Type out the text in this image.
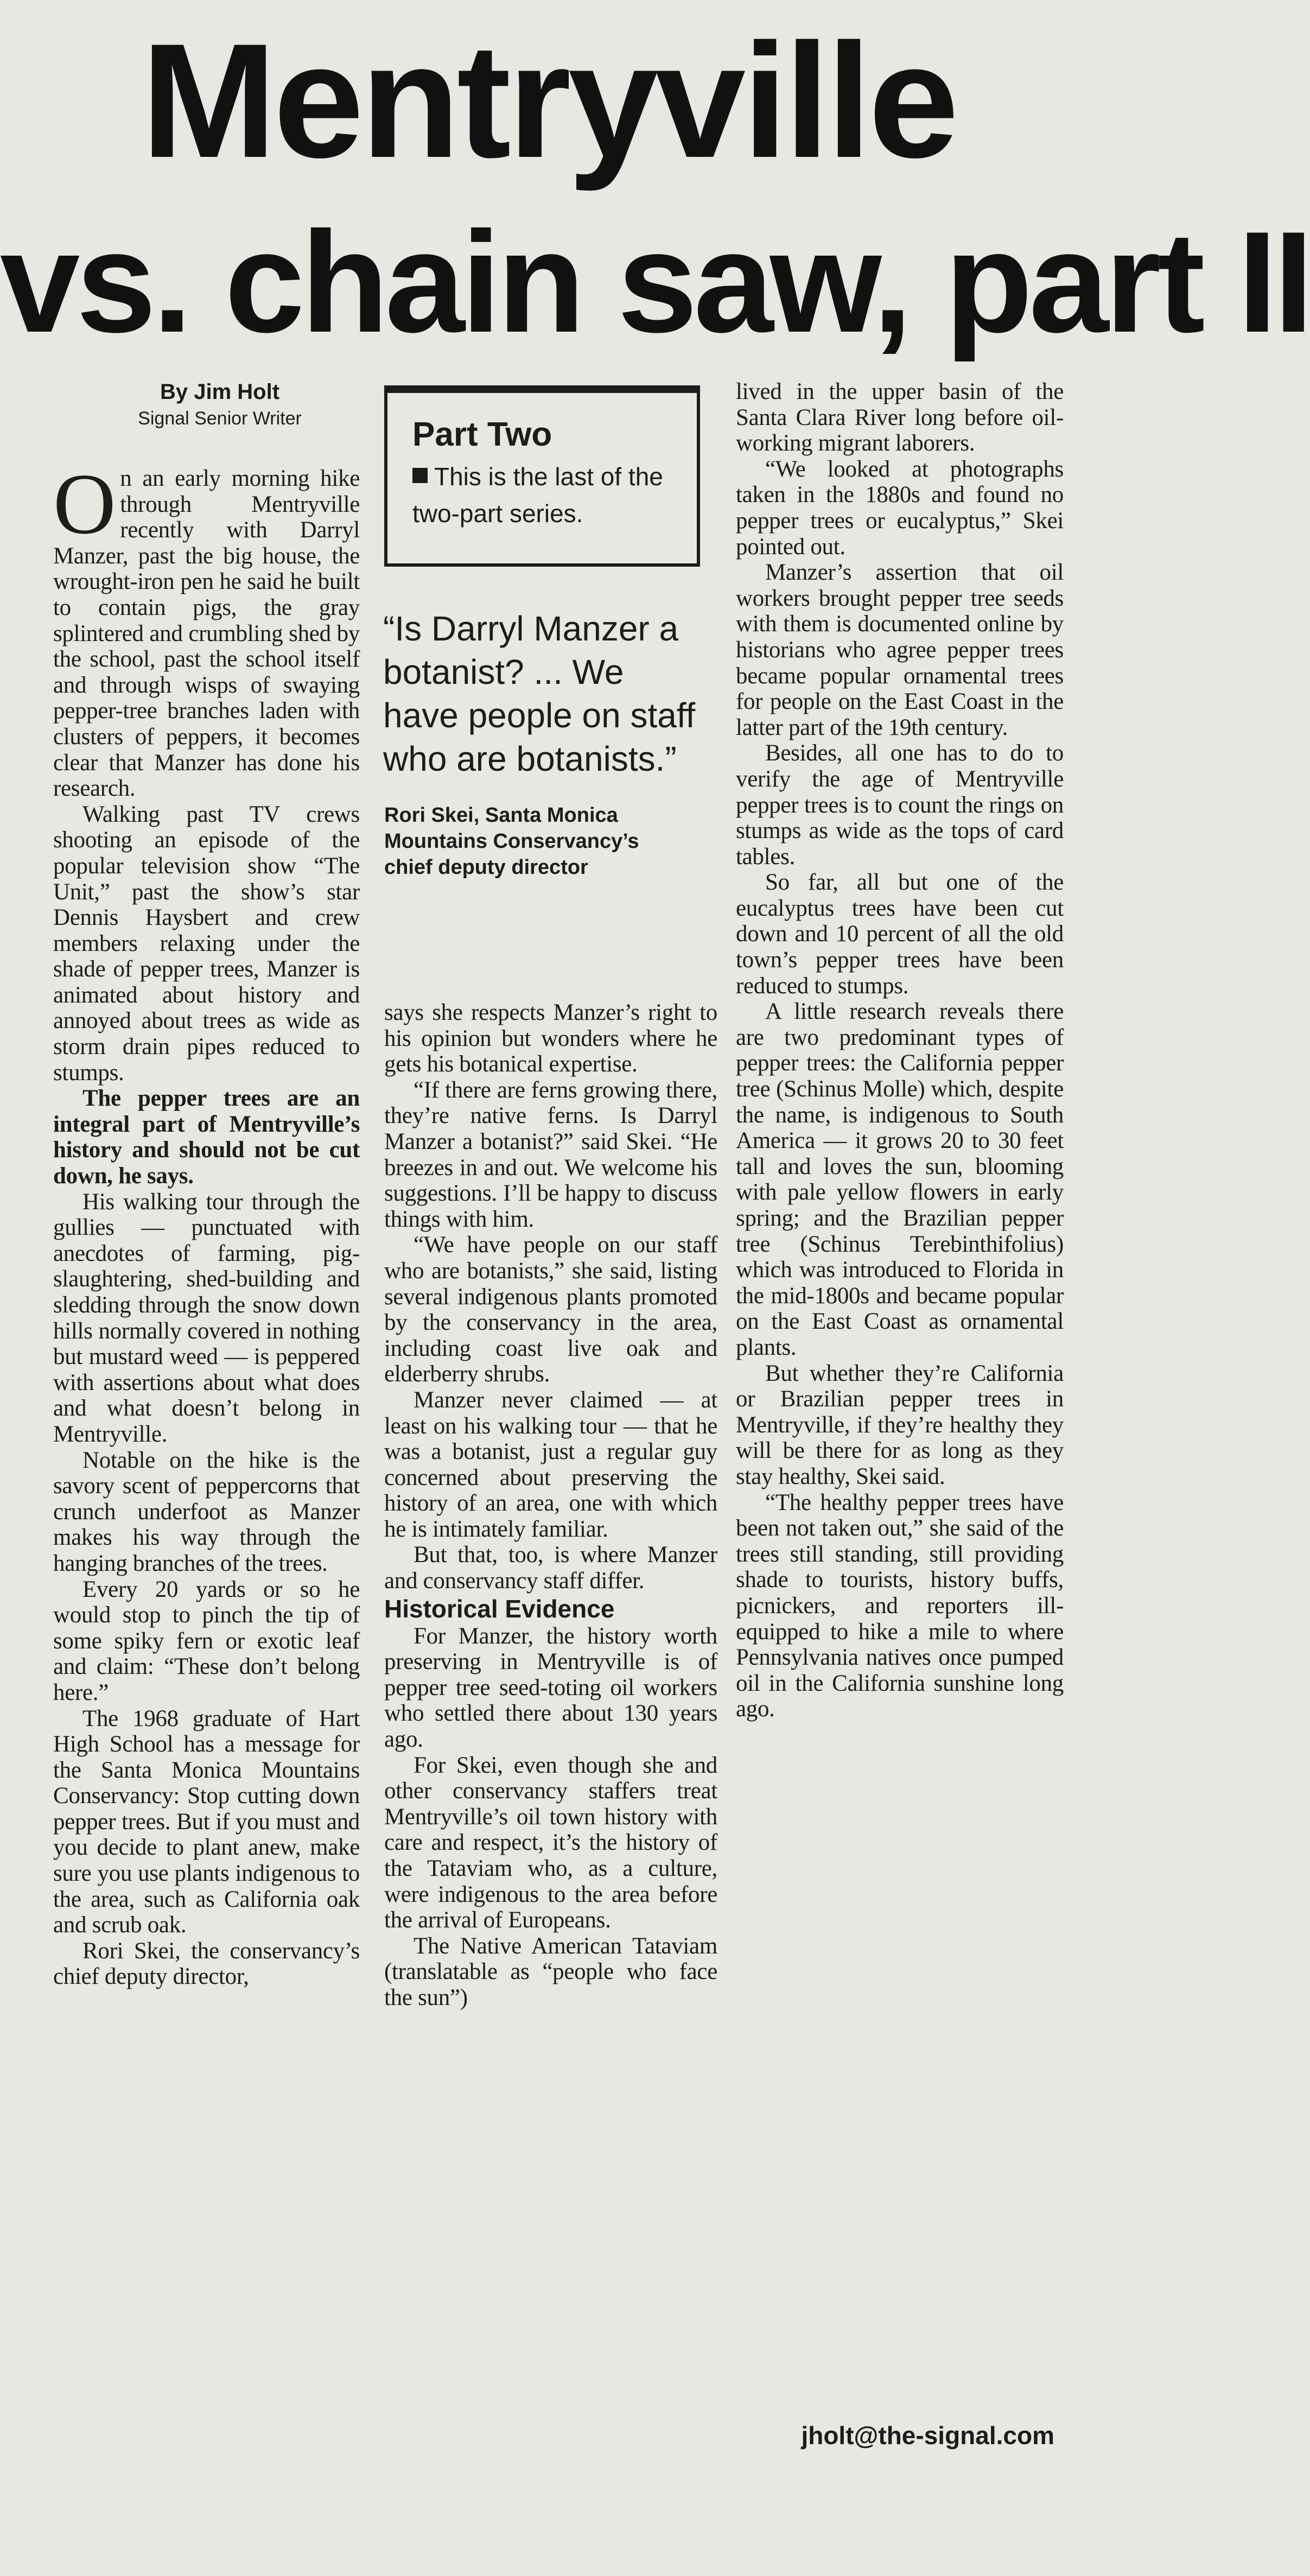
Mentryville
vs. chain saw, part II
By Jim Holt
Signal Senior Writer

On an early morning hike through Mentryville recently with Darryl Manzer, past the big house, the wrought-iron pen he said he built to contain pigs, the gray splintered and crumbling shed by the school, past the school itself and through wisps of swaying pepper-tree branches laden with clusters of peppers, it becomes clear that Manzer has done his research.

Walking past TV crews shooting an episode of the popular television show “The Unit,” past the show’s star Dennis Haysbert and crew members relaxing under the shade of pepper trees, Manzer is animated about history and annoyed about trees as wide as storm drain pipes reduced to stumps.

The pepper trees are an integral part of Mentryville’s history and should not be cut down, he says.

His walking tour through the gullies — punctuated with anecdotes of farming, pig-slaughtering, shed-building and sledding through the snow down hills normally covered in nothing but mustard weed — is peppered with assertions about what does and what doesn’t belong in Mentryville.

Notable on the hike is the savory scent of peppercorns that crunch underfoot as Manzer makes his way through the hanging branches of the trees.

Every 20 yards or so he would stop to pinch the tip of some spiky fern or exotic leaf and claim: “These don’t belong here.”

The 1968 graduate of Hart High School has a message for the Santa Monica Mountains Conservancy: Stop cutting down pepper trees. But if you must and you decide to plant anew, make sure you use plants indigenous to the area, such as California oak and scrub oak.

Rori Skei, the conservancy’s chief deputy director,

Part Two
This is the last of the two-part series.
“Is Darryl Manzer a botanist? ... We have people on staff who are botanists.”
Rori Skei, Santa Monica Mountains Conservancy’s chief deputy director

says she respects Manzer’s right to his opinion but wonders where he gets his botanical expertise.

“If there are ferns growing there, they’re native ferns. Is Darryl Manzer a botanist?” said Skei. “He breezes in and out. We welcome his suggestions. I’ll be happy to discuss things with him.

“We have people on our staff who are botanists,” she said, listing several indigenous plants promoted by the conservancy in the area, including coast live oak and elderberry shrubs.

Manzer never claimed — at least on his walking tour — that he was a botanist, just a regular guy concerned about preserving the history of an area, one with which he is intimately familiar.

But that, too, is where Manzer and conservancy staff differ.

Historical Evidence

For Manzer, the history worth preserving in Mentryville is of pepper tree seed-toting oil workers who settled there about 130 years ago.

For Skei, even though she and other conservancy staffers treat Mentryville’s oil town history with care and respect, it’s the history of the Tataviam who, as a culture, were indigenous to the area before the arrival of Europeans.

The Native American Tataviam (translatable as “people who face the sun”)

lived in the upper basin of the Santa Clara River long before oil-working migrant laborers.

“We looked at photographs taken in the 1880s and found no pepper trees or eucalyptus,” Skei pointed out.

Manzer’s assertion that oil workers brought pepper tree seeds with them is documented online by historians who agree pepper trees became popular ornamental trees for people on the East Coast in the latter part of the 19th century.

Besides, all one has to do to verify the age of Mentryville pepper trees is to count the rings on stumps as wide as the tops of card tables.

So far, all but one of the eucalyptus trees have been cut down and 10 percent of all the old town’s pepper trees have been reduced to stumps.

A little research reveals there are two predominant types of pepper trees: the California pepper tree (Schinus Molle) which, despite the name, is indigenous to South America — it grows 20 to 30 feet tall and loves the sun, blooming with pale yellow flowers in early spring; and the Brazilian pepper tree (Schinus Terebinthifolius) which was introduced to Florida in the mid-1800s and became popular on the East Coast as ornamental plants.

But whether they’re California or Brazilian pepper trees in Mentryville, if they’re healthy they will be there for as long as they stay healthy, Skei said.

“The healthy pepper trees have been not taken out,” she said of the trees still standing, still providing shade to tourists, history buffs, picnickers, and reporters ill-equipped to hike a mile to where Pennsylvania natives once pumped oil in the California sunshine long ago.

jholt@the-signal.com
